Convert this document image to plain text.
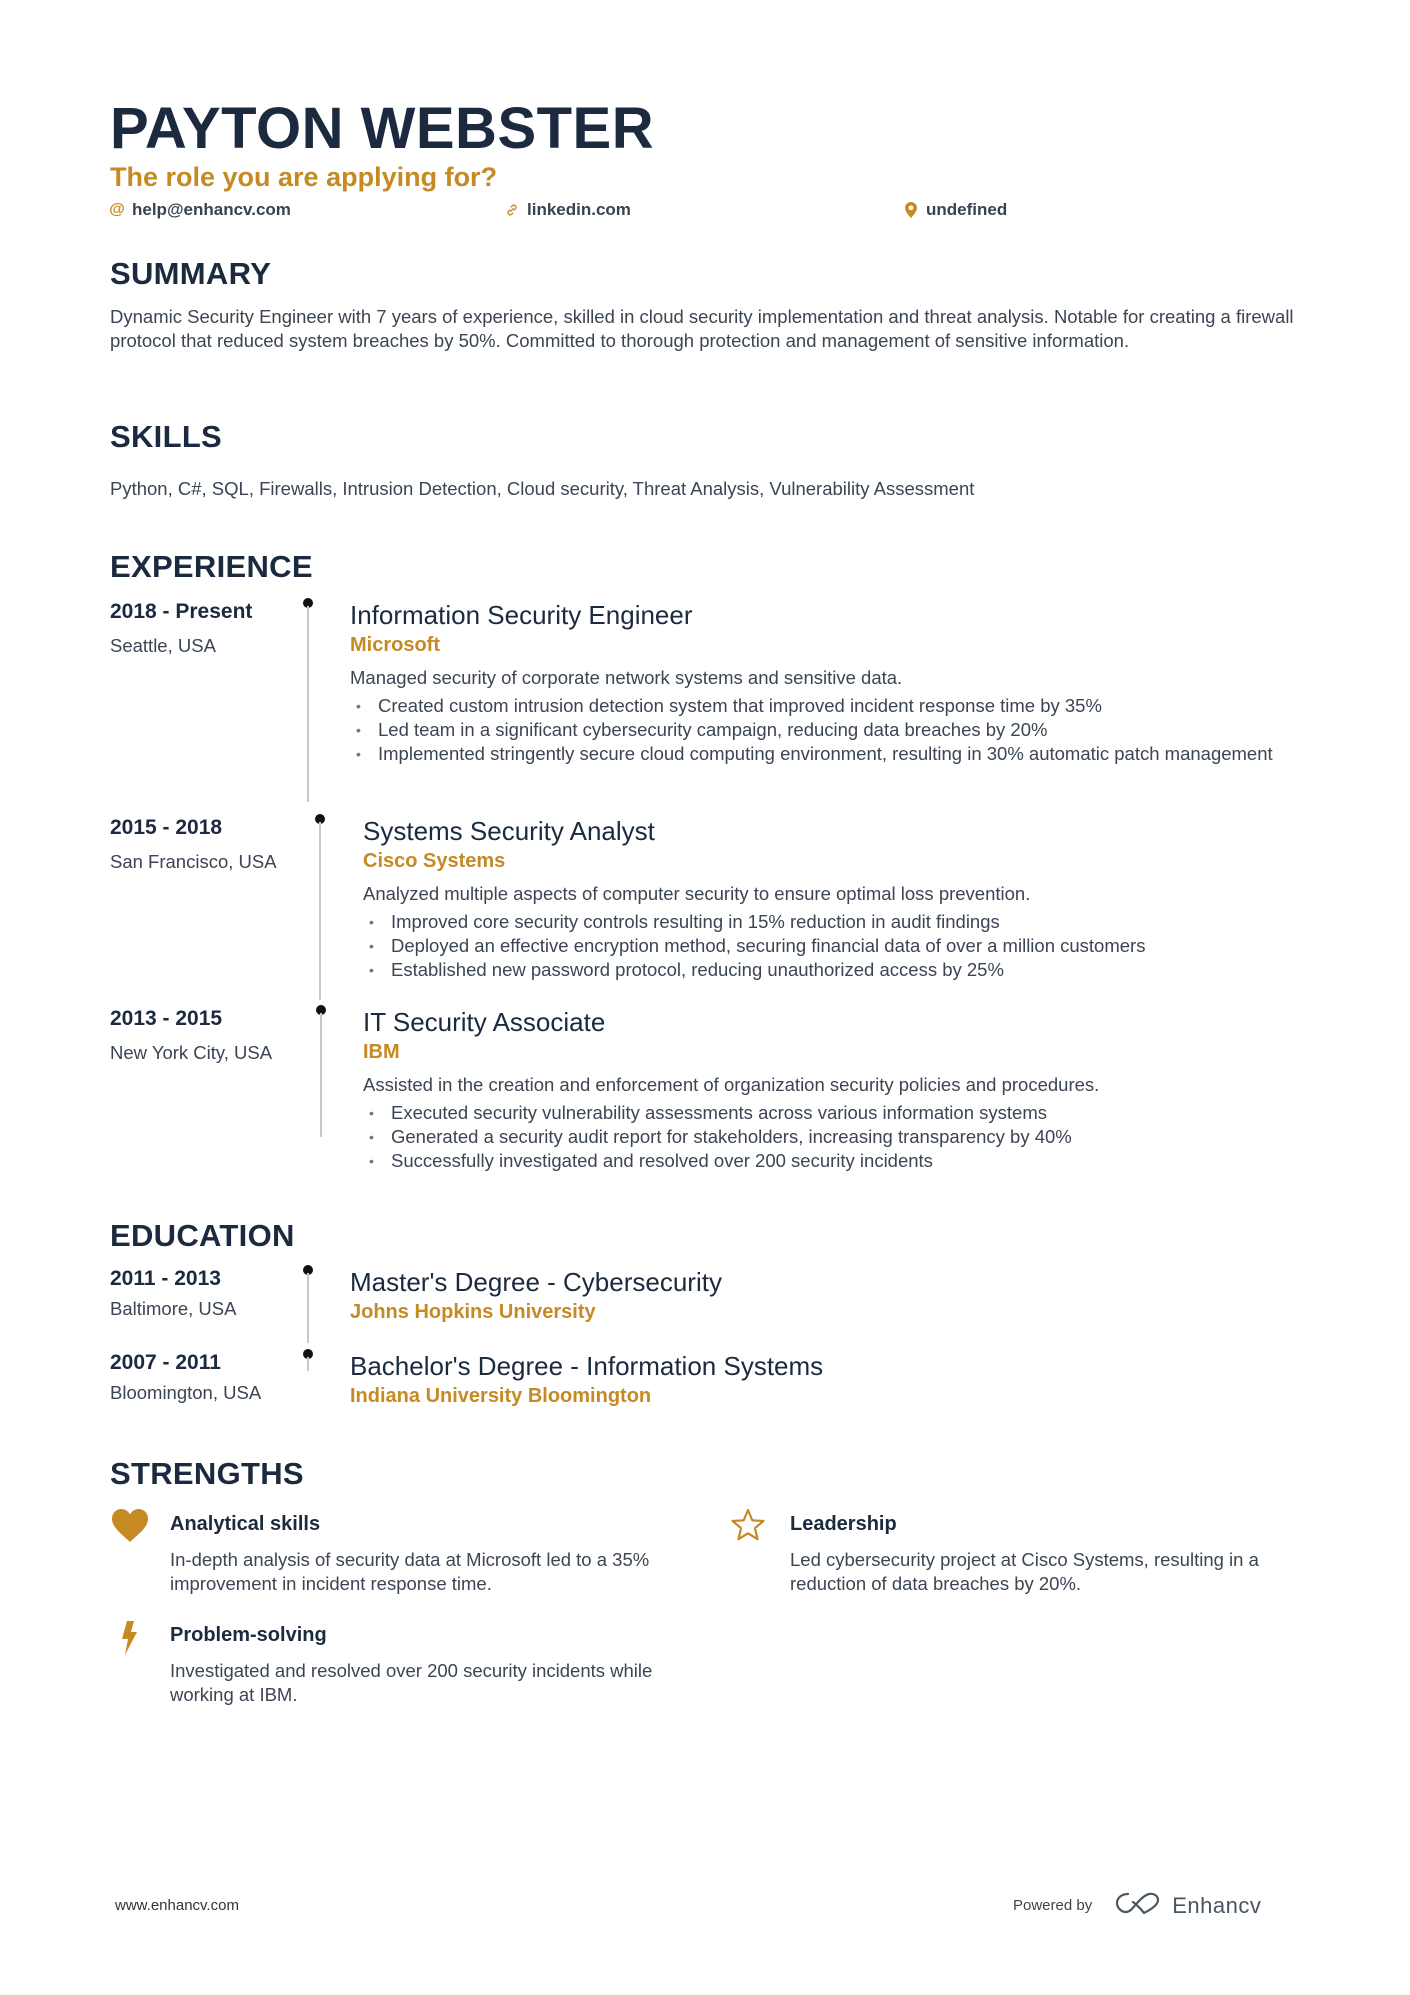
PAYTON WEBSTER
The role you are applying for?
@ help@enhancv.com	linkedin.com	undefined
SUMMARY
Dynamic Security Engineer with 7 years of experience, skilled in cloud security implementation and threat analysis. Notable for creating a firewall protocol that reduced system breaches by 50%. Committed to thorough protection and management of sensitive information.
SKILLS
Python, C#, SQL, Firewalls, Intrusion Detection, Cloud security, Threat Analysis, Vulnerability Assessment
EXPERIENCE
2018 - Present
Seattle, USA
Information Security Engineer
Microsoft
Managed security of corporate network systems and sensitive data.
• Created custom intrusion detection system that improved incident response time by 35%
• Led team in a significant cybersecurity campaign, reducing data breaches by 20%
• Implemented stringently secure cloud computing environment, resulting in 30% automatic patch management
2015 - 2018
San Francisco, USA
Systems Security Analyst
Cisco Systems
Analyzed multiple aspects of computer security to ensure optimal loss prevention.
• Improved core security controls resulting in 15% reduction in audit findings
• Deployed an effective encryption method, securing financial data of over a million customers
• Established new password protocol, reducing unauthorized access by 25%
2013 - 2015
New York City, USA
IT Security Associate
IBM
Assisted in the creation and enforcement of organization security policies and procedures.
• Executed security vulnerability assessments across various information systems
• Generated a security audit report for stakeholders, increasing transparency by 40%
• Successfully investigated and resolved over 200 security incidents
EDUCATION
2011 - 2013
Baltimore, USA
Master's Degree - Cybersecurity
Johns Hopkins University
2007 - 2011
Bloomington, USA
Bachelor's Degree - Information Systems
Indiana University Bloomington
STRENGTHS
Analytical skills
In-depth analysis of security data at Microsoft led to a 35% improvement in incident response time.
Leadership
Led cybersecurity project at Cisco Systems, resulting in a reduction of data breaches by 20%.
Problem-solving
Investigated and resolved over 200 security incidents while working at IBM.
www.enhancv.com	Powered by	Enhancv
